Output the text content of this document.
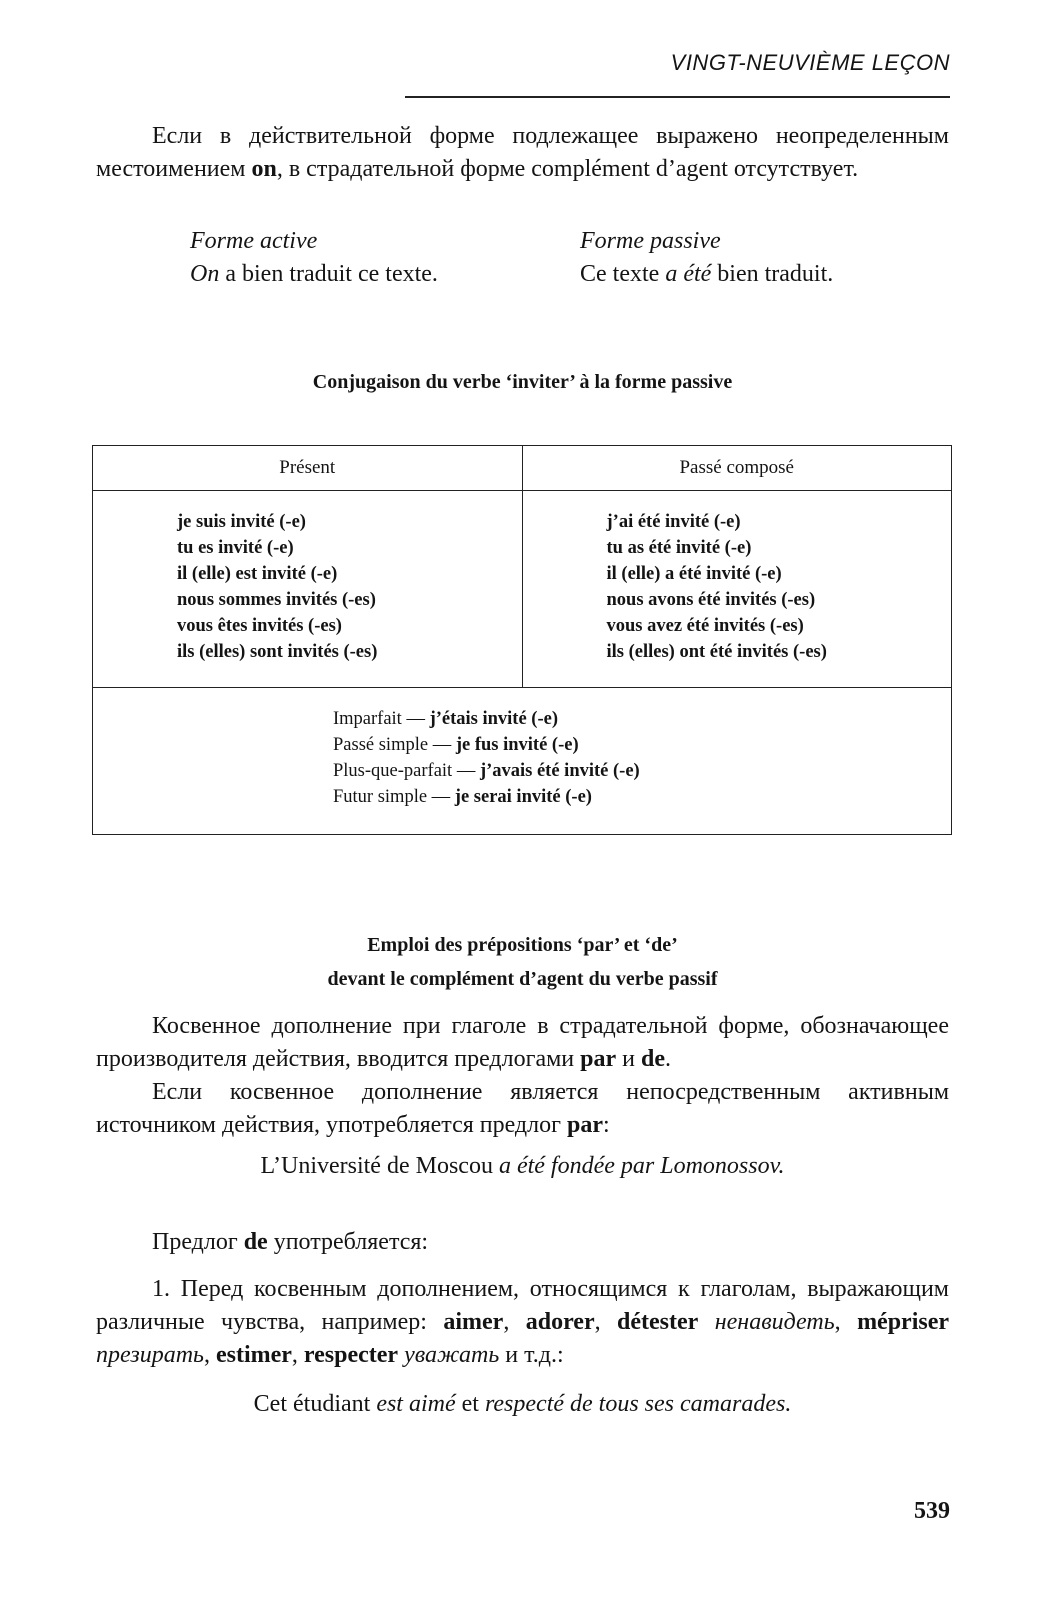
VINGT-NEUVIÈME LEÇON

Если в действительной форме подлежащее выражено неопределенным местоимением on, в страдательной форме complément d’agent отсутствует.

Forme active
On a bien traduit ce texte.
Forme passive
Ce texte a été bien traduit.
Conjugaison du verbe ‘inviter’ à la forme passive
Présent	Passé composé
je suis invité (-e)
tu es invité (-e)
il (elle) est invité (-e)
nous sommes invités (-es)
vous êtes invités (-es)
ils (elles) sont invités (-es)
j’ai été invité (-e)
tu as été invité (-e)
il (elle) a été invité (-e)
nous avons été invités (-es)
vous avez été invités (-es)
ils (elles) ont été invités (-es)
Imparfait — j’étais invité (-e)
Passé simple — je fus invité (-e)
Plus-que-parfait — j’avais été invité (-e)
Futur simple — je serai invité (-e)
Emploi des prépositions ‘par’ et ‘de’
devant le complément d’agent du verbe passif

Косвенное дополнение при глаголе в страдательной форме, обозначающее производителя действия, вводится предлогами par и de.

Если косвенное дополнение является непосредственным активным источником действия, употребляется предлог par:

L’Université de Moscou a été fondée par Lomonossov.

Предлог de употребляется:

1. Перед косвенным дополнением, относящимся к глаголам, выражающим различные чувства, например: aimer, adorer, détester ненавидеть, mépriser презирать, estimer, respecter уважать и т.д.:

Cet étudiant est aimé et respecté de tous ses camarades.
539
